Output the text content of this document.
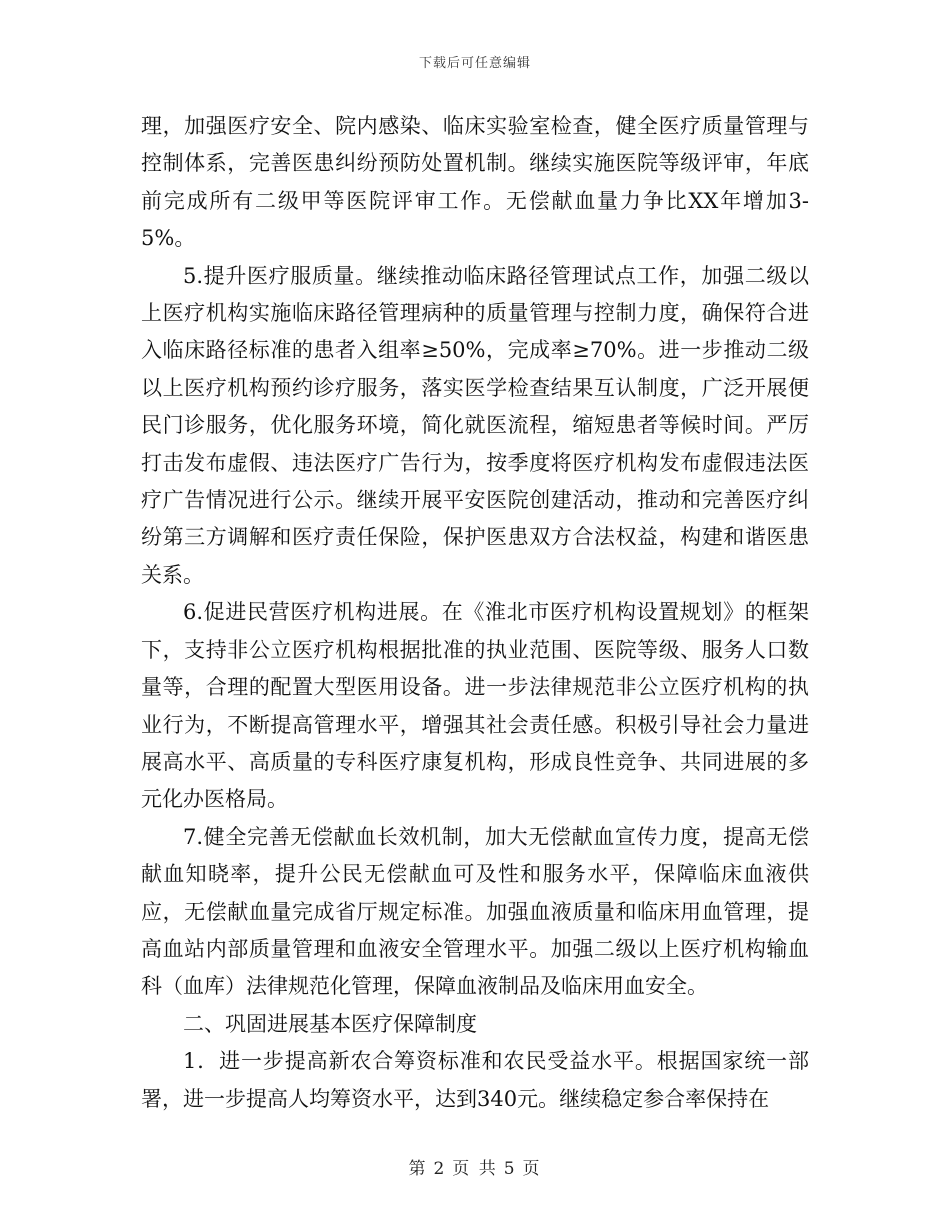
下载后可任意编辑

理，加强医疗安全、院内感染、临床实验室检查，健全医疗质量管理与控制体系，完善医患纠纷预防处置机制。继续实施医院等级评审，年底前完成所有二级甲等医院评审工作。无偿献血量力争比XX年增加3-5%。

5.提升医疗服质量。继续推动临床路径管理试点工作，加强二级以上医疗机构实施临床路径管理病种的质量管理与控制力度，确保符合进入临床路径标准的患者入组率≥50%，完成率≥70%。进一步推动二级以上医疗机构预约诊疗服务，落实医学检查结果互认制度，广泛开展便民门诊服务，优化服务环境，简化就医流程，缩短患者等候时间。严厉打击发布虚假、违法医疗广告行为，按季度将医疗机构发布虚假违法医疗广告情况进行公示。继续开展平安医院创建活动，推动和完善医疗纠纷第三方调解和医疗责任保险，保护医患双方合法权益，构建和谐医患关系。

6.促进民营医疗机构进展。在《淮北市医疗机构设置规划》的框架下，支持非公立医疗机构根据批准的执业范围、医院等级、服务人口数量等，合理的配置大型医用设备。进一步法律规范非公立医疗机构的执业行为，不断提高管理水平，增强其社会责任感。积极引导社会力量进展高水平、高质量的专科医疗康复机构，形成良性竞争、共同进展的多元化办医格局。

7.健全完善无偿献血长效机制，加大无偿献血宣传力度，提高无偿献血知晓率，提升公民无偿献血可及性和服务水平，保障临床血液供应，无偿献血量完成省厅规定标准。加强血液质量和临床用血管理，提高血站内部质量管理和血液安全管理水平。加强二级以上医疗机构输血科（血库）法律规范化管理，保障血液制品及临床用血安全。

二、巩固进展基本医疗保障制度

1．进一步提高新农合筹资标准和农民受益水平。根据国家统一部署，进一步提高人均筹资水平，达到340元。继续稳定参合率保持在

第 2 页 共 5 页
